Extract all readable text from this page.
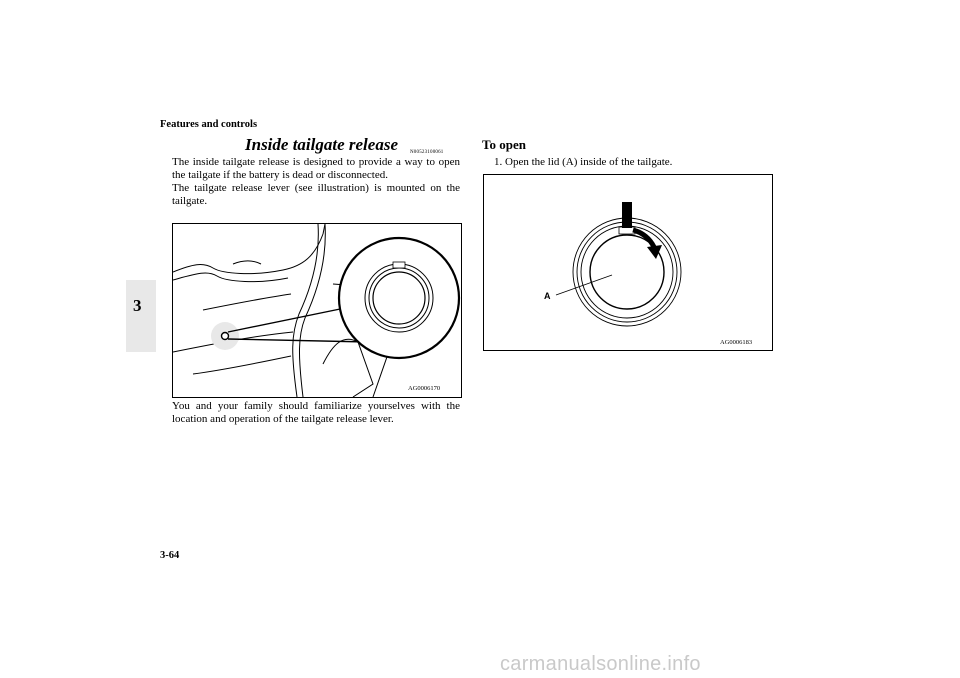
Features and controls
3
Inside tailgate release N00523100061
The inside tailgate release is designed to provide a way to open the tailgate if the battery is dead or disconnected.
The tailgate release lever (see illustration) is mounted on the
tailgate.
AG0006170
You and your family should familiarize yourselves with the
location and operation of the tailgate release lever.
To open
1. Open the lid (A) inside of the tailgate.
A
AG0006183
3-64
carmanualsonline.info
